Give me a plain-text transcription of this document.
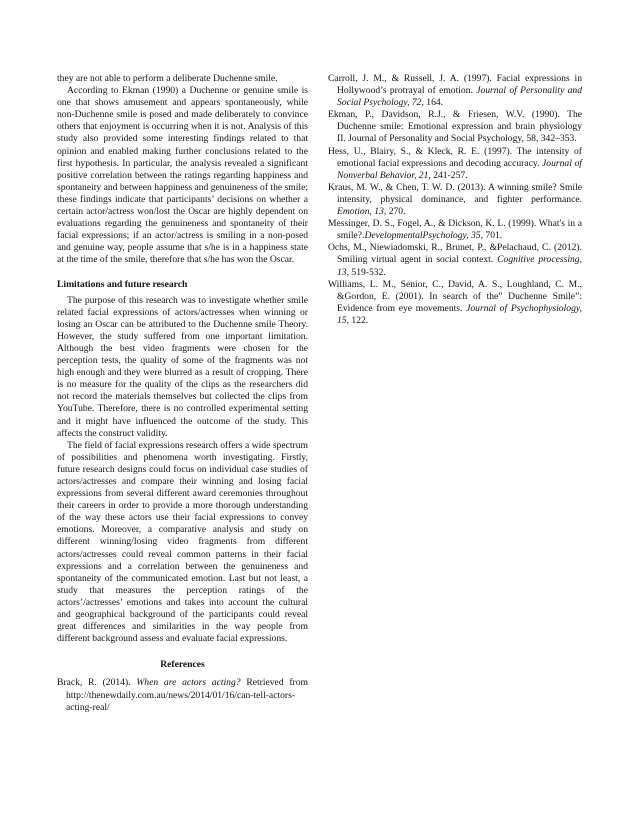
they are not able to perform a deliberate Duchenne smile.

According to Ekman (1990) a Duchenne or genuine smile is one that shows amusement and appears spontaneously, while non-Duchenne smile is posed and made deliberately to convince others that enjoyment is occurring when it is not. Analysis of this study also provided some interesting findings related to that opinion and enabled making further conclusions related to the first hypothesis. In particular, the analysis revealed a significant positive correlation between the ratings regarding happiness and spontaneity and between happiness and genuineness of the smile; these findings indicate that participants’ decisions on whether a certain actor/actress won/lost the Oscar are highly dependent on evaluations regarding the genuineness and spontaneity of their facial expressions; if an actor/actress is smiling in a non-posed and genuine way, people assume that s/he is in a happiness state at the time of the smile, therefore that s/he has won the Oscar.

Limitations and future research

The purpose of this research was to investigate whether smile related facial expressions of actors/actresses when winning or losing an Oscar can be attributed to the Duchenne smile Theory. However, the study suffered from one important limitation. Although the best video fragments were chosen for the perception tests, the quality of some of the fragments was not high enough and they were blurred as a result of cropping. There is no measure for the quality of the clips as the researchers did not record the materials themselves but collected the clips from YouTube. Therefore, there is no controlled experimental setting and it might have influenced the outcome of the study. This affects the construct validity.

The field of facial expressions research offers a wide spectrum of possibilities and phenomena worth investigating. Firstly, future research designs could focus on individual case studies of actors/actresses and compare their winning and losing facial expressions from several different award ceremonies throughout their careers in order to provide a more thorough understanding of the way these actors use their facial expressions to convey emotions. Moreover, a comparative analysis and study on different winning/losing video fragments from different actors/actresses could reveal common patterns in their facial expressions and a correlation between the genuineness and spontaneity of the communicated emotion. Last but not least, a study that measures the perception ratings of the actors’/actresses’ emotions and takes into account the cultural and geographical background of the participants could reveal great differences and similarities in the way people from different background assess and evaluate facial expressions.

References

Brack, R. (2014). When are actors acting? Retrieved from http://thenewdaily.com.au/news/2014/01/16/can-tell-actors-acting-real/

Carroll, J. M., & Russell, J. A. (1997). Facial expressions in Hollywood’s protrayal of emotion. Journal of Personality and Social Psychology, 72, 164.

Ekman, P., Davidson, R.J., & Friesen, W.V. (1990). The Duchenne smile: Emotional expression and brain physiology II. Journal of Personality and Social Psychology, 58, 342–353.

Hess, U., Blairy, S., & Kleck, R. E. (1997). The intensity of emotional facial expressions and decoding accuracy. Journal of Nonverbal Behavior, 21, 241-257.

Kraus, M. W., & Chen, T. W. D. (2013). A winning smile? Smile intensity, physical dominance, and fighter performance. Emotion, 13, 270.

Messinger, D. S., Fogel, A., & Dickson, K. L. (1999). What's in a smile?.DevelopmentalPsychology, 35, 701.

Ochs, M., Niewiadomski, R., Brunet, P., &Pelachaud, C. (2012). Smiling virtual agent in social context. Cognitive processing, 13, 519-532.

Williams, L. M., Senior, C., David, A. S., Loughland, C. M., &Gordon, E. (2001). In search of the” Duchenne Smile”: Evidence from eye movements. Journal of Psychophysiology, 15, 122.
